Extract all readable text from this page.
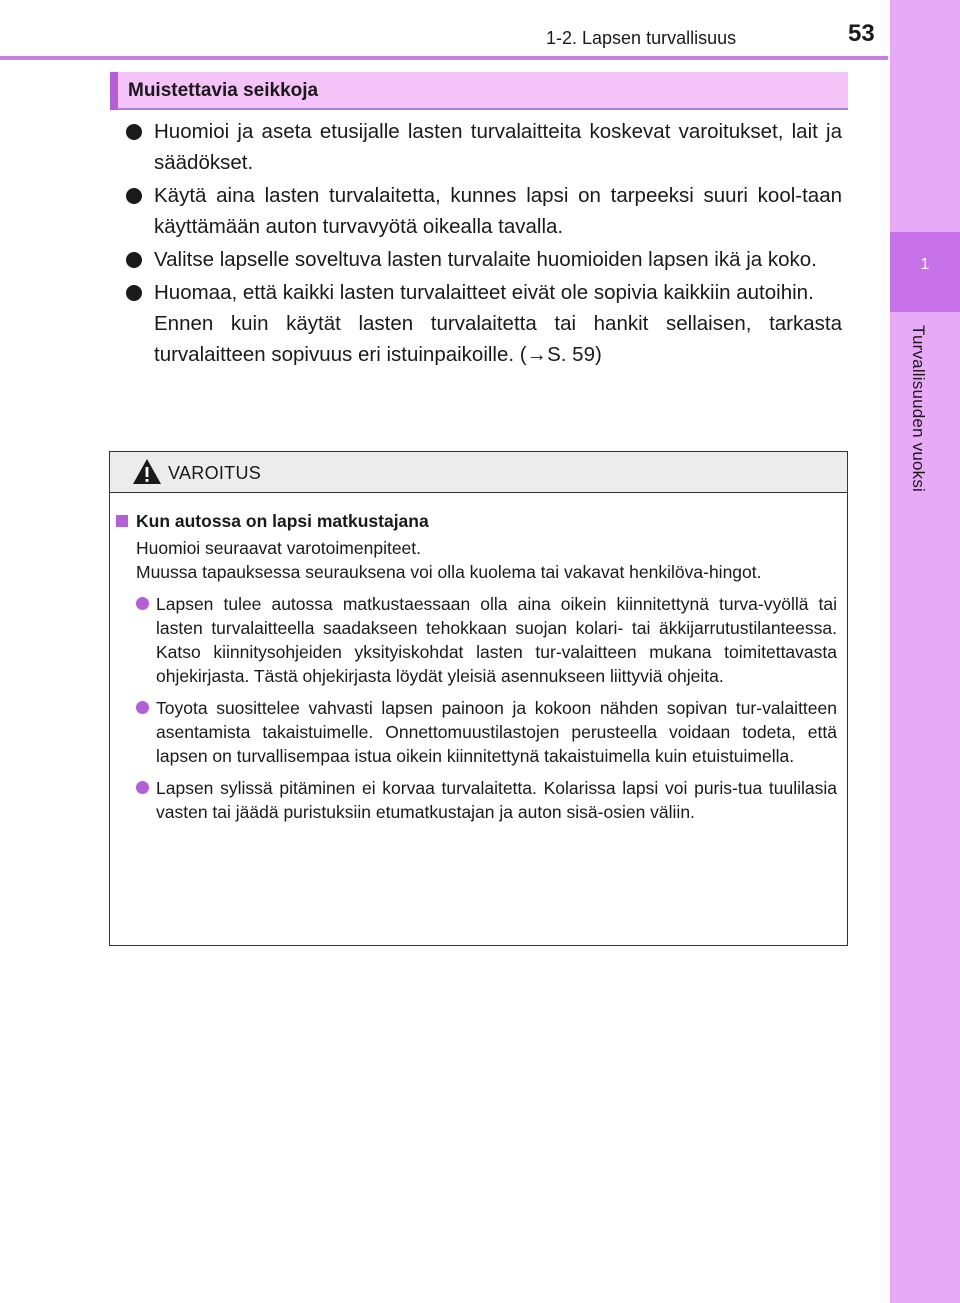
1-2. Lapsen turvallisuus	53
1
Turvallisuuden vuoksi
Muistettavia seikkoja
Huomioi ja aseta etusijalle lasten turvalaitteita koskevat varoitukset, lait ja säädökset.
Käytä aina lasten turvalaitetta, kunnes lapsi on tarpeeksi suuri kool-taan käyttämään auton turvavyötä oikealla tavalla.
Valitse lapselle soveltuva lasten turvalaite huomioiden lapsen ikä ja koko.
Huomaa, että kaikki lasten turvalaitteet eivät ole sopivia kaikkiin autoihin.
Ennen kuin käytät lasten turvalaitetta tai hankit sellaisen, tarkasta turvalaitteen sopivuus eri istuinpaikoille. (→S. 59)
VAROITUS
Kun autossa on lapsi matkustajana

Huomioi seuraavat varotoimenpiteet.

Muussa tapauksessa seurauksena voi olla kuolema tai vakavat henkilöva-hingot.

Lapsen tulee autossa matkustaessaan olla aina oikein kiinnitettynä turva-vyöllä tai lasten turvalaitteella saadakseen tehokkaan suojan kolari- tai äkkijarrutustilanteessa. Katso kiinnitysohjeiden yksityiskohdat lasten tur-valaitteen mukana toimitettavasta ohjekirjasta. Tästä ohjekirjasta löydät yleisiä asennukseen liittyviä ohjeita.
Toyota suosittelee vahvasti lapsen painoon ja kokoon nähden sopivan tur-valaitteen asentamista takaistuimelle. Onnettomuustilastojen perusteella voidaan todeta, että lapsen on turvallisempaa istua oikein kiinnitettynä takaistuimella kuin etuistuimella.
Lapsen sylissä pitäminen ei korvaa turvalaitetta. Kolarissa lapsi voi puris-tua tuulilasia vasten tai jäädä puristuksiin etumatkustajan ja auton sisä-osien väliin.
